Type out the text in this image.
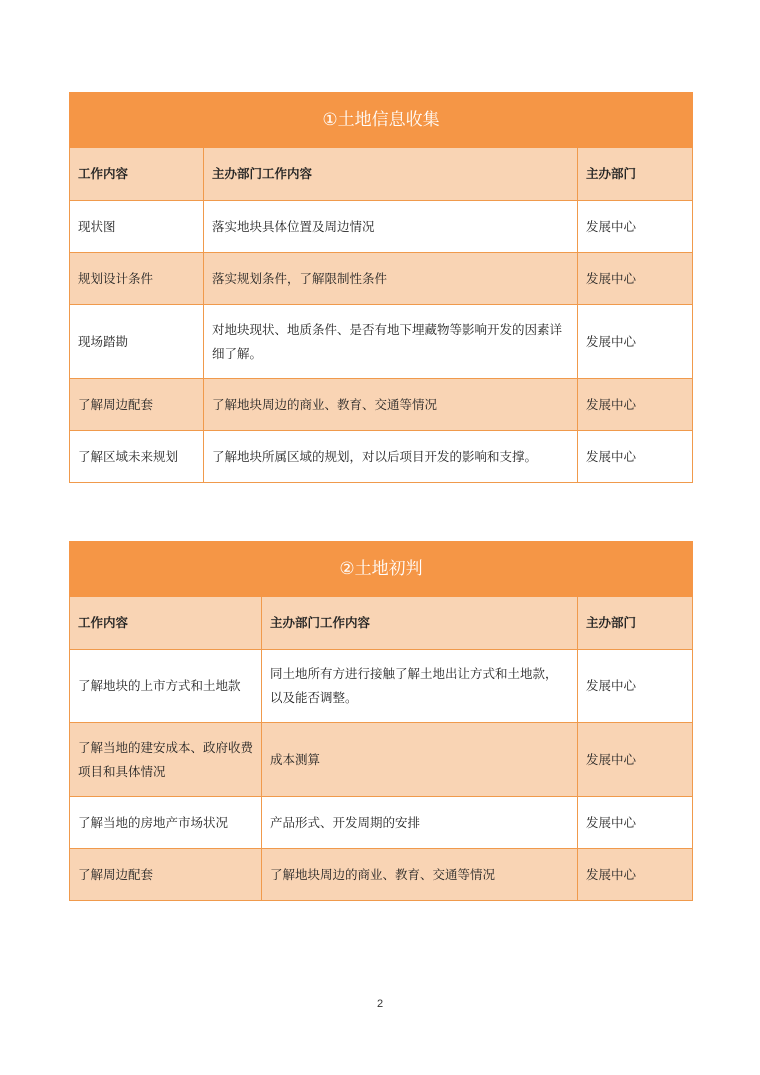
①土地信息收集		
工作内容	主办部门工作内容	主办部门
现状图	落实地块具体位置及周边情况	发展中心
规划设计条件	落实规划条件，了解限制性条件	发展中心
现场踏勘	对地块现状、地质条件、是否有地下埋藏物等影响开发的因素详细了解。	发展中心
了解周边配套	了解地块周边的商业、教育、交通等情况	发展中心
了解区域未来规划	了解地块所属区域的规划，对以后项目开发的影响和支撑。	发展中心
②土地初判		
工作内容	主办部门工作内容	主办部门
了解地块的上市方式和土地款	同土地所有方进行接触了解土地出让方式和土地款，以及能否调整。	发展中心
了解当地的建安成本、政府收费项目和具体情况	成本测算	发展中心
了解当地的房地产市场状况	产品形式、开发周期的安排	发展中心
了解周边配套	了解地块周边的商业、教育、交通等情况	发展中心
2
